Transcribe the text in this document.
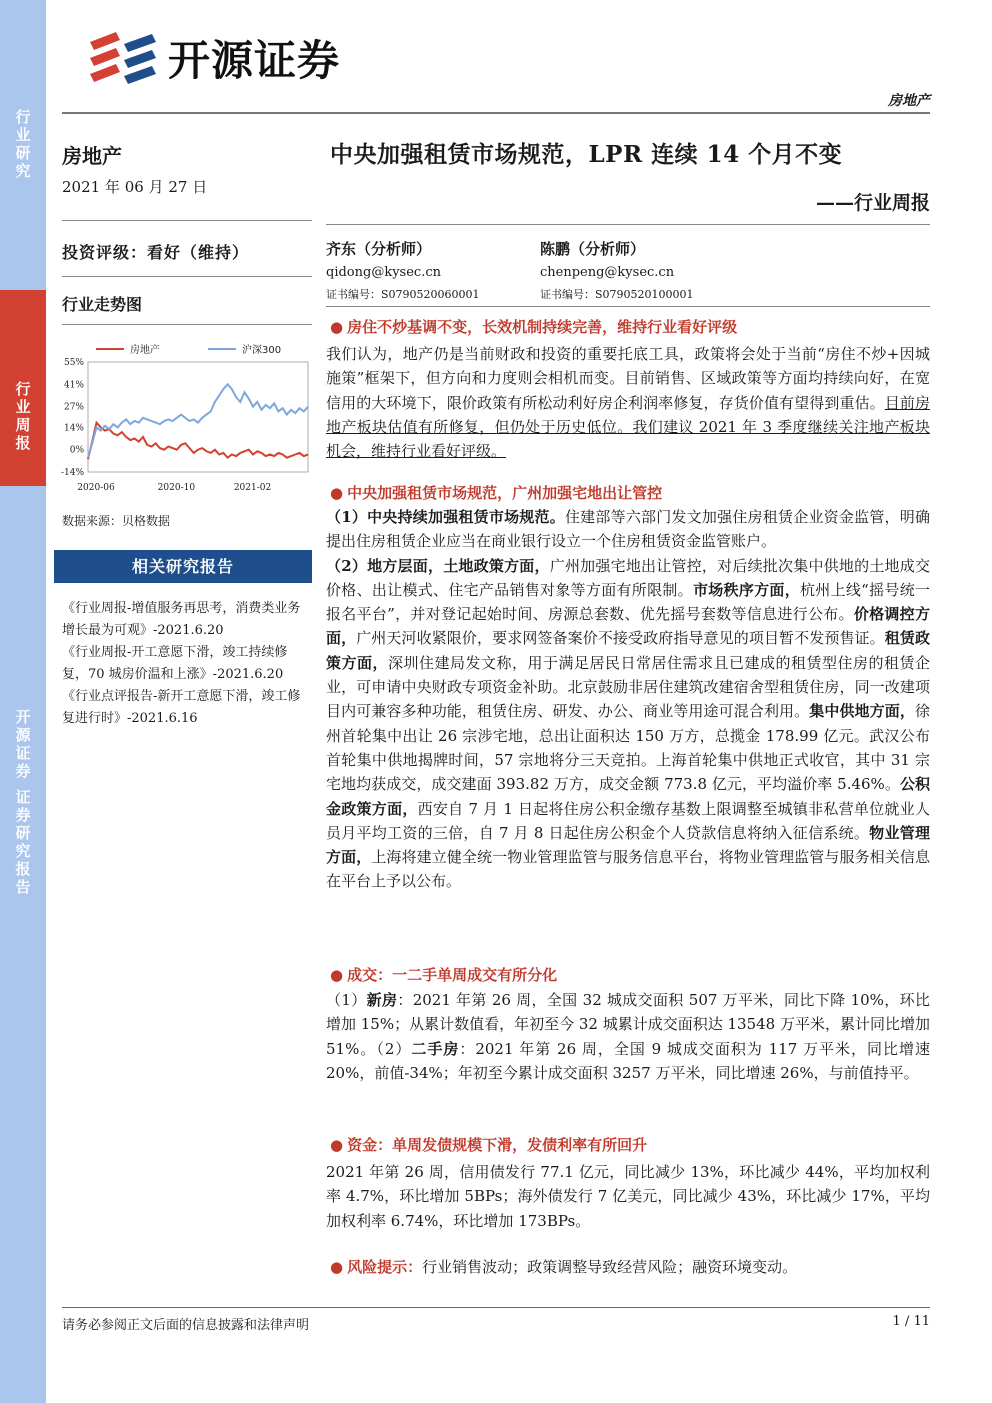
行
业
研
究
行
业
周
报
开
源
证
券

证
券
研
究
报
告
开源证券
房地产
房地产
2021 年 06 月 27 日
投资评级：看好（维持）
行业走势图
55%
41%
27%
14%
0%
-14%
2020-06	2020-10	2021-02
房地产	沪深300
数据来源：贝格数据
相关研究报告

《行业周报-增值服务再思考，消费类业务增长最为可观》-2021.6.20

《行业周报-开工意愿下滑，竣工持续修复，70 城房价温和上涨》-2021.6.20

《行业点评报告-新开工意愿下滑，竣工修复进行时》-2021.6.16

中央加强租赁市场规范，LPR 连续 14 个月不变
——行业周报
齐东（分析师）
qidong@kysec.cn
证书编号：S0790520060001
陈鹏（分析师）
chenpeng@kysec.cn
证书编号：S0790520100001
● 房住不炒基调不变，长效机制持续完善，维持行业看好评级
我们认为，地产仍是当前财政和投资的重要托底工具，政策将会处于当前“房住不炒+因城施策”框架下，但方向和力度则会相机而变。目前销售、区域政策等方面均持续向好，在宽信用的大环境下，限价政策有所松动利好房企利润率修复，存货价值有望得到重估。目前房地产板块估值有所修复，但仍处于历史低位。我们建议 2021 年 3 季度继续关注地产板块机会，维持行业看好评级。
● 中央加强租赁市场规范，广州加强宅地出让管控
（1）中央持续加强租赁市场规范。住建部等六部门发文加强住房租赁企业资金监管，明确提出住房租赁企业应当在商业银行设立一个住房租赁资金监管账户。
（2）地方层面，土地政策方面，广州加强宅地出让管控，对后续批次集中供地的土地成交价格、出让模式、住宅产品销售对象等方面有所限制。市场秩序方面，杭州上线“摇号统一报名平台”，并对登记起始时间、房源总套数、优先摇号套数等信息进行公布。价格调控方面，广州天河收紧限价，要求网签备案价不接受政府指导意见的项目暂不发预售证。租赁政策方面，深圳住建局发文称，用于满足居民日常居住需求且已建成的租赁型住房的租赁企业，可申请中央财政专项资金补助。北京鼓励非居住建筑改建宿舍型租赁住房，同一改建项目内可兼容多种功能，租赁住房、研发、办公、商业等用途可混合利用。集中供地方面，徐州首轮集中出让 26 宗涉宅地，总出让面积达 150 万方，总揽金 178.99 亿元。武汉公布首轮集中供地揭牌时间，57 宗地将分三天竞拍。上海首轮集中供地正式收官，其中 31 宗宅地均获成交，成交建面 393.82 万方，成交金额 773.8 亿元，平均溢价率 5.46%。公积金政策方面，西安自 7 月 1 日起将住房公积金缴存基数上限调整至城镇非私营单位就业人员月平均工资的三倍，自 7 月 8 日起住房公积金个人贷款信息将纳入征信系统。物业管理方面，上海将建立健全统一物业管理监管与服务信息平台，将物业管理监管与服务相关信息在平台上予以公布。
● 成交：一二手单周成交有所分化
（1）新房：2021 年第 26 周，全国 32 城成交面积 507 万平米，同比下降 10%，环比增加 15%；从累计数值看，年初至今 32 城累计成交面积达 13548 万平米，累计同比增加 51%。（2）二手房：2021 年第 26 周，全国 9 城成交面积为 117 万平米，同比增速 20%，前值-34%；年初至今累计成交面积 3257 万平米，同比增速 26%，与前值持平。
● 资金：单周发债规模下滑，发债利率有所回升
2021 年第 26 周，信用债发行 77.1 亿元，同比减少 13%，环比减少 44%，平均加权利率 4.7%，环比增加 5BPs；海外债发行 7 亿美元，同比减少 43%，环比减少 17%，平均加权利率 6.74%，环比增加 173BPs。
● 风险提示：行业销售波动；政策调整导致经营风险；融资环境变动。
请务必参阅正文后面的信息披露和法律声明	1 / 11
